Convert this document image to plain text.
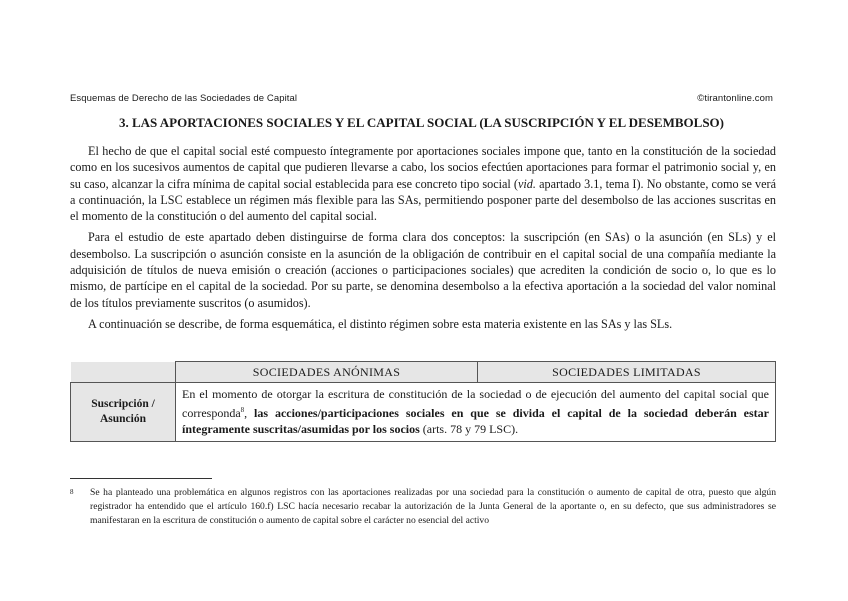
Esquemas de Derecho de las Sociedades de Capital	©tirantonline.com
3. LAS APORTACIONES SOCIALES Y EL CAPITAL SOCIAL (LA SUSCRIPCIÓN Y EL DESEMBOLSO)

El hecho de que el capital social esté compuesto íntegramente por aportaciones sociales impone que, tanto en la constitución de la sociedad como en los sucesivos aumentos de capital que pudieren llevarse a cabo, los socios efectúen aportaciones para formar el patrimonio social y, en su caso, alcanzar la cifra mínima de capital social establecida para ese concreto tipo social (vid. apartado 3.1, tema I). No obstante, como se verá a continuación, la LSC establece un régimen más flexible para las SAs, permitiendo posponer parte del desembolso de las acciones suscritas en el momento de la constitución o del aumento del capital social.

Para el estudio de este apartado deben distinguirse de forma clara dos conceptos: la suscripción (en SAs) o la asunción (en SLs) y el desembolso. La suscripción o asunción consiste en la asunción de la obligación de contribuir en el capital social de una compañía mediante la adquisición de títulos de nueva emisión o creación (acciones o participaciones sociales) que acrediten la condición de socio o, lo que es lo mismo, de partícipe en el capital de la sociedad. Por su parte, se denomina desembolso a la efectiva aportación a la sociedad del valor nominal de los títulos previamente suscritos (o asumidos).

A continuación se describe, de forma esquemática, el distinto régimen sobre esta materia existente en las SAs y las SLs.

	SOCIEDADES ANÓNIMAS	SOCIEDADES LIMITADAS
Suscripción /
Asunción	En el momento de otorgar la escritura de constitución de la sociedad o de ejecución del aumento del capital social que corresponda$^8$, las acciones/participaciones sociales en que se divida el capital de la sociedad deberán estar íntegramente suscritas/asumidas por los socios (arts. 78 y 79 LSC).	
8	Se ha planteado una problemática en algunos registros con las aportaciones realizadas por una sociedad para la constitución o aumento de capital de otra, puesto que algún registrador ha entendido que el artículo 160.f) LSC hacía necesario recabar la autorización de la Junta General de la aportante o, en su defecto, que sus administradores se manifestaran en la escritura de constitución o aumento de capital sobre el carácter no esencial del activo
